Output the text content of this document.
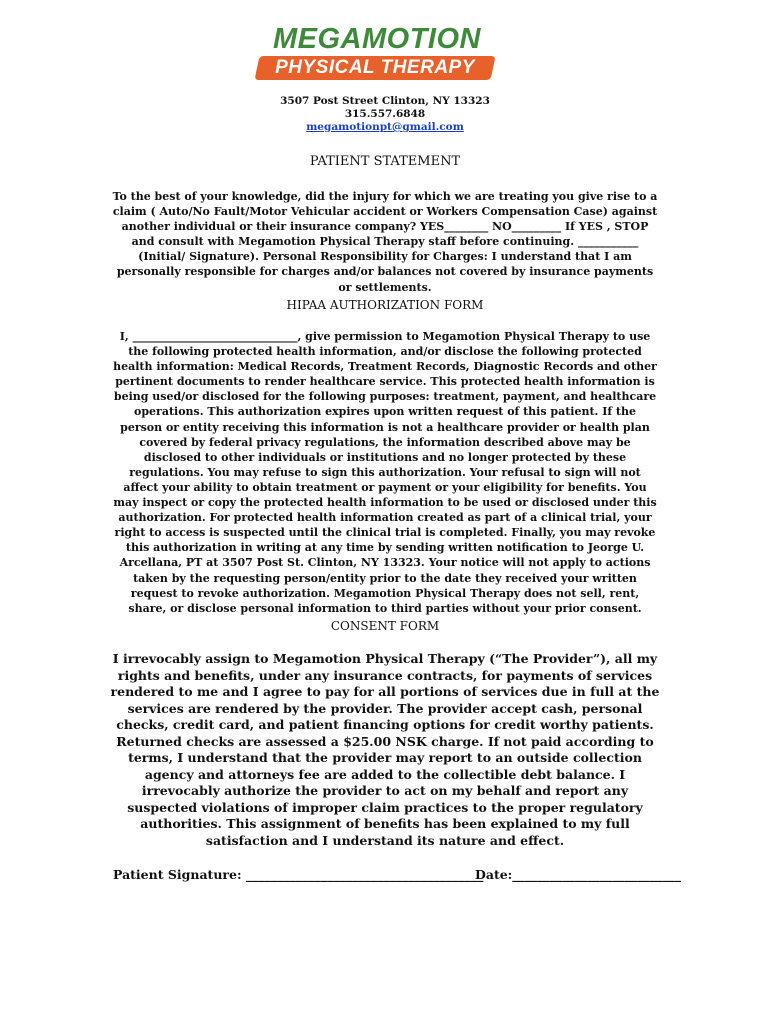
MEGAMOTION
PHYSICAL THERAPY
3507 Post Street Clinton, NY 13323
315.557.6848
megamotionpt@gmail.com
PATIENT STATEMENT

To the best of your knowledge, did the injury for which we are treating you give rise to a claim ( Auto/No Fault/Motor Vehicular accident or Workers Compensation Case) against another individual or their insurance company? YES________ NO_________ If YES , STOP and consult with Megamotion Physical Therapy staff before continuing. ___________ (Initial/ Signature). Personal Responsibility for Charges: I understand that I am personally responsible for charges and/or balances not covered by insurance payments or settlements.

HIPAA AUTHORIZATION FORM

I, ______________________________, give permission to Megamotion Physical Therapy to use the following protected health information, and/or disclose the following protected health information: Medical Records, Treatment Records, Diagnostic Records and other pertinent documents to render healthcare service. This protected health information is being used/or disclosed for the following purposes: treatment, payment, and healthcare operations. This authorization expires upon written request of this patient. If the person or entity receiving this information is not a healthcare provider or health plan covered by federal privacy regulations, the information described above may be disclosed to other individuals or institutions and no longer protected by these regulations. You may refuse to sign this authorization. Your refusal to sign will not affect your ability to obtain treatment or payment or your eligibility for benefits. You may inspect or copy the protected health information to be used or disclosed under this authorization. For protected health information created as part of a clinical trial, your right to access is suspected until the clinical trial is completed. Finally, you may revoke this authorization in writing at any time by sending written notification to Jeorge U. Arcellana, PT at 3507 Post St. Clinton, NY 13323. Your notice will not apply to actions taken by the requesting person/entity prior to the date they received your written request to revoke authorization. Megamotion Physical Therapy does not sell, rent, share, or disclose personal information to third parties without your prior consent.

CONSENT FORM

I irrevocably assign to Megamotion Physical Therapy (“The Provider”), all my rights and benefits, under any insurance contracts, for payments of services rendered to me and I agree to pay for all portions of services due in full at the services are rendered by the provider. The provider accept cash, personal checks, credit card, and patient financing options for credit worthy patients. Returned checks are assessed a $25.00 NSK charge. If not paid according to terms, I understand that the provider may report to an outside collection agency and attorneys fee are added to the collectible debt balance. I irrevocably authorize the provider to act on my behalf and report any suspected violations of improper claim practices to the proper regulatory authorities. This assignment of benefits has been explained to my full satisfaction and I understand its nature and effect.

Patient Signature: ______________________________________
Date:___________________________
